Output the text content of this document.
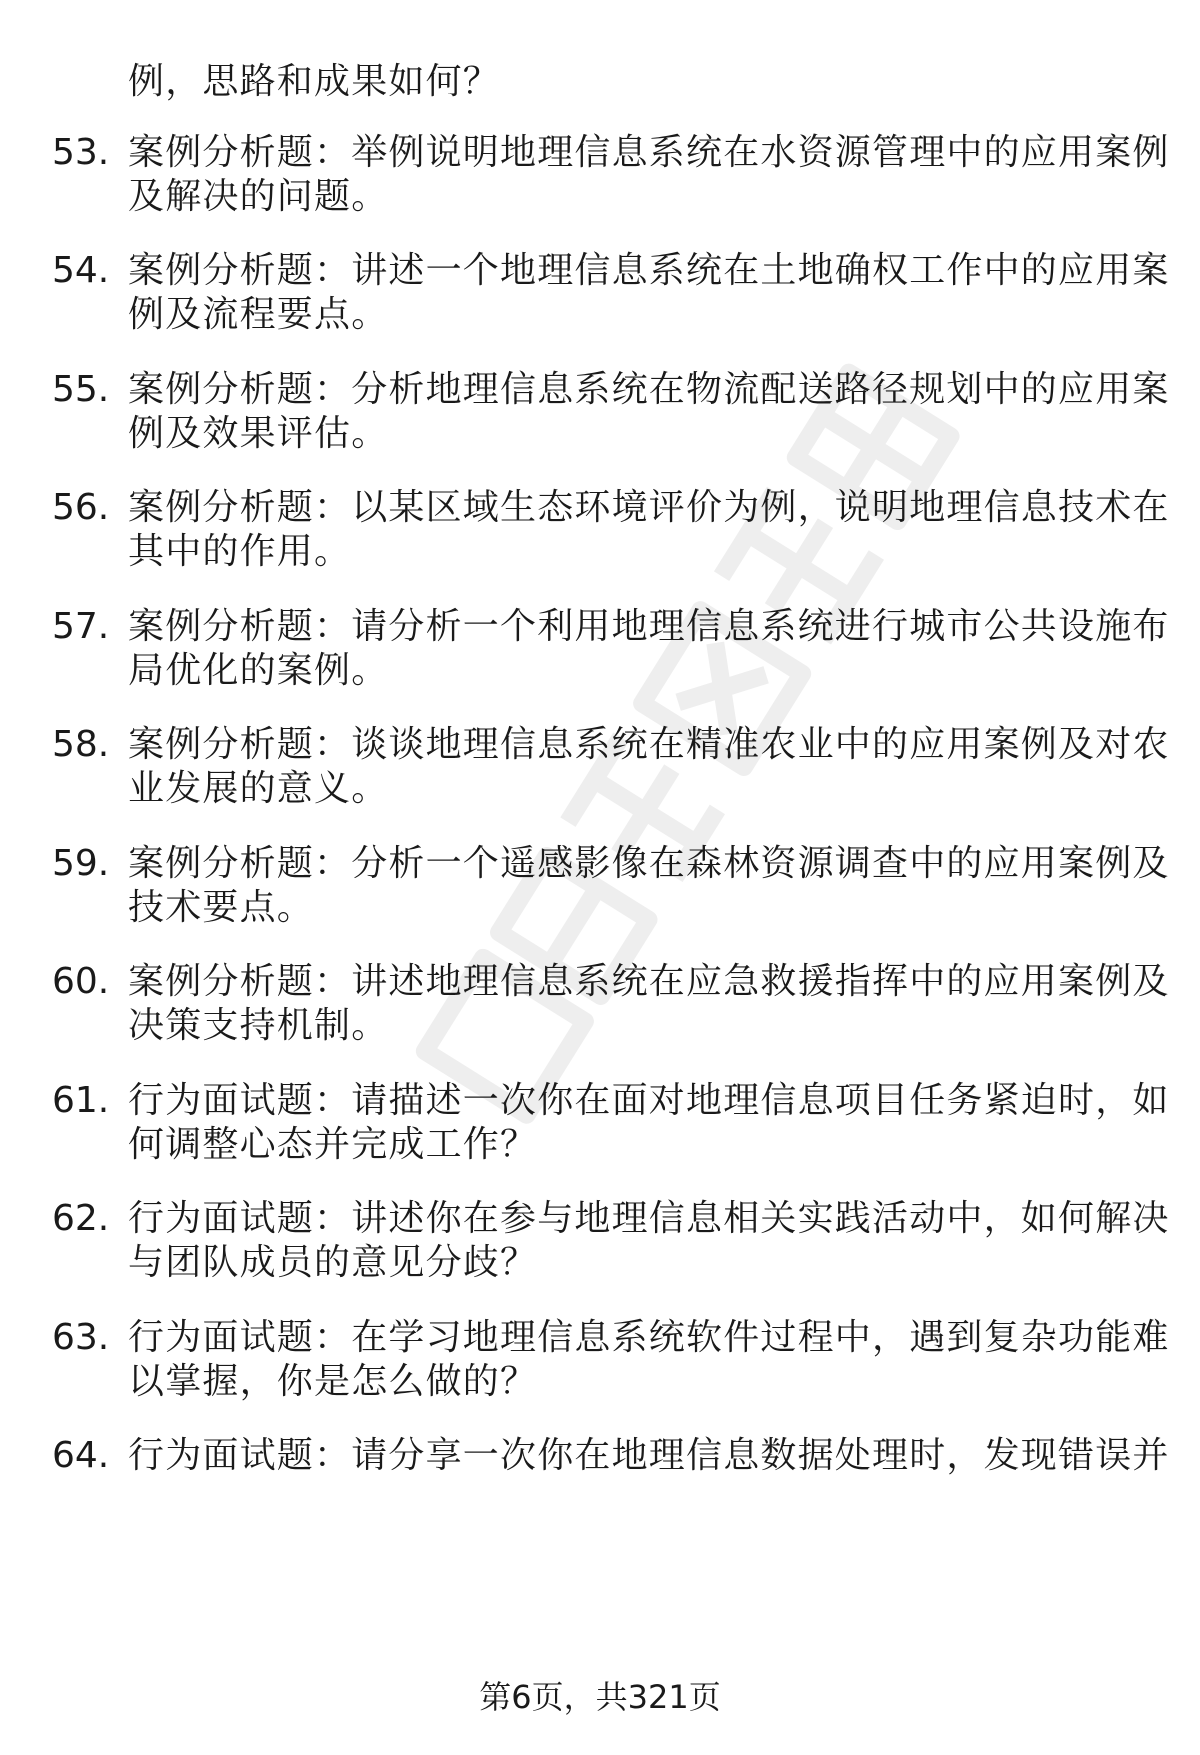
例，思路和成果如何？
53. 案例分析题：举例说明地理信息系统在水资源管理中的应用案例
及解决的问题。
54. 案例分析题：讲述一个地理信息系统在土地确权工作中的应用案
例及流程要点。
55. 案例分析题：分析地理信息系统在物流配送路径规划中的应用案
例及效果评估。
56. 案例分析题：以某区域生态环境评价为例，说明地理信息技术在
其中的作用。
57. 案例分析题：请分析一个利用地理信息系统进行城市公共设施布
局优化的案例。
58. 案例分析题：谈谈地理信息系统在精准农业中的应用案例及对农
业发展的意义。
59. 案例分析题：分析一个遥感影像在森林资源调查中的应用案例及
技术要点。
60. 案例分析题：讲述地理信息系统在应急救援指挥中的应用案例及
决策支持机制。
61. 行为面试题：请描述一次你在面对地理信息项目任务紧迫时，如
何调整心态并完成工作？
62. 行为面试题：讲述你在参与地理信息相关实践活动中，如何解决
与团队成员的意见分歧？
63. 行为面试题：在学习地理信息系统软件过程中，遇到复杂功能难
以掌握，你是怎么做的？
64. 行为面试题：请分享一次你在地理信息数据处理时，发现错误并
第6页，共321页
